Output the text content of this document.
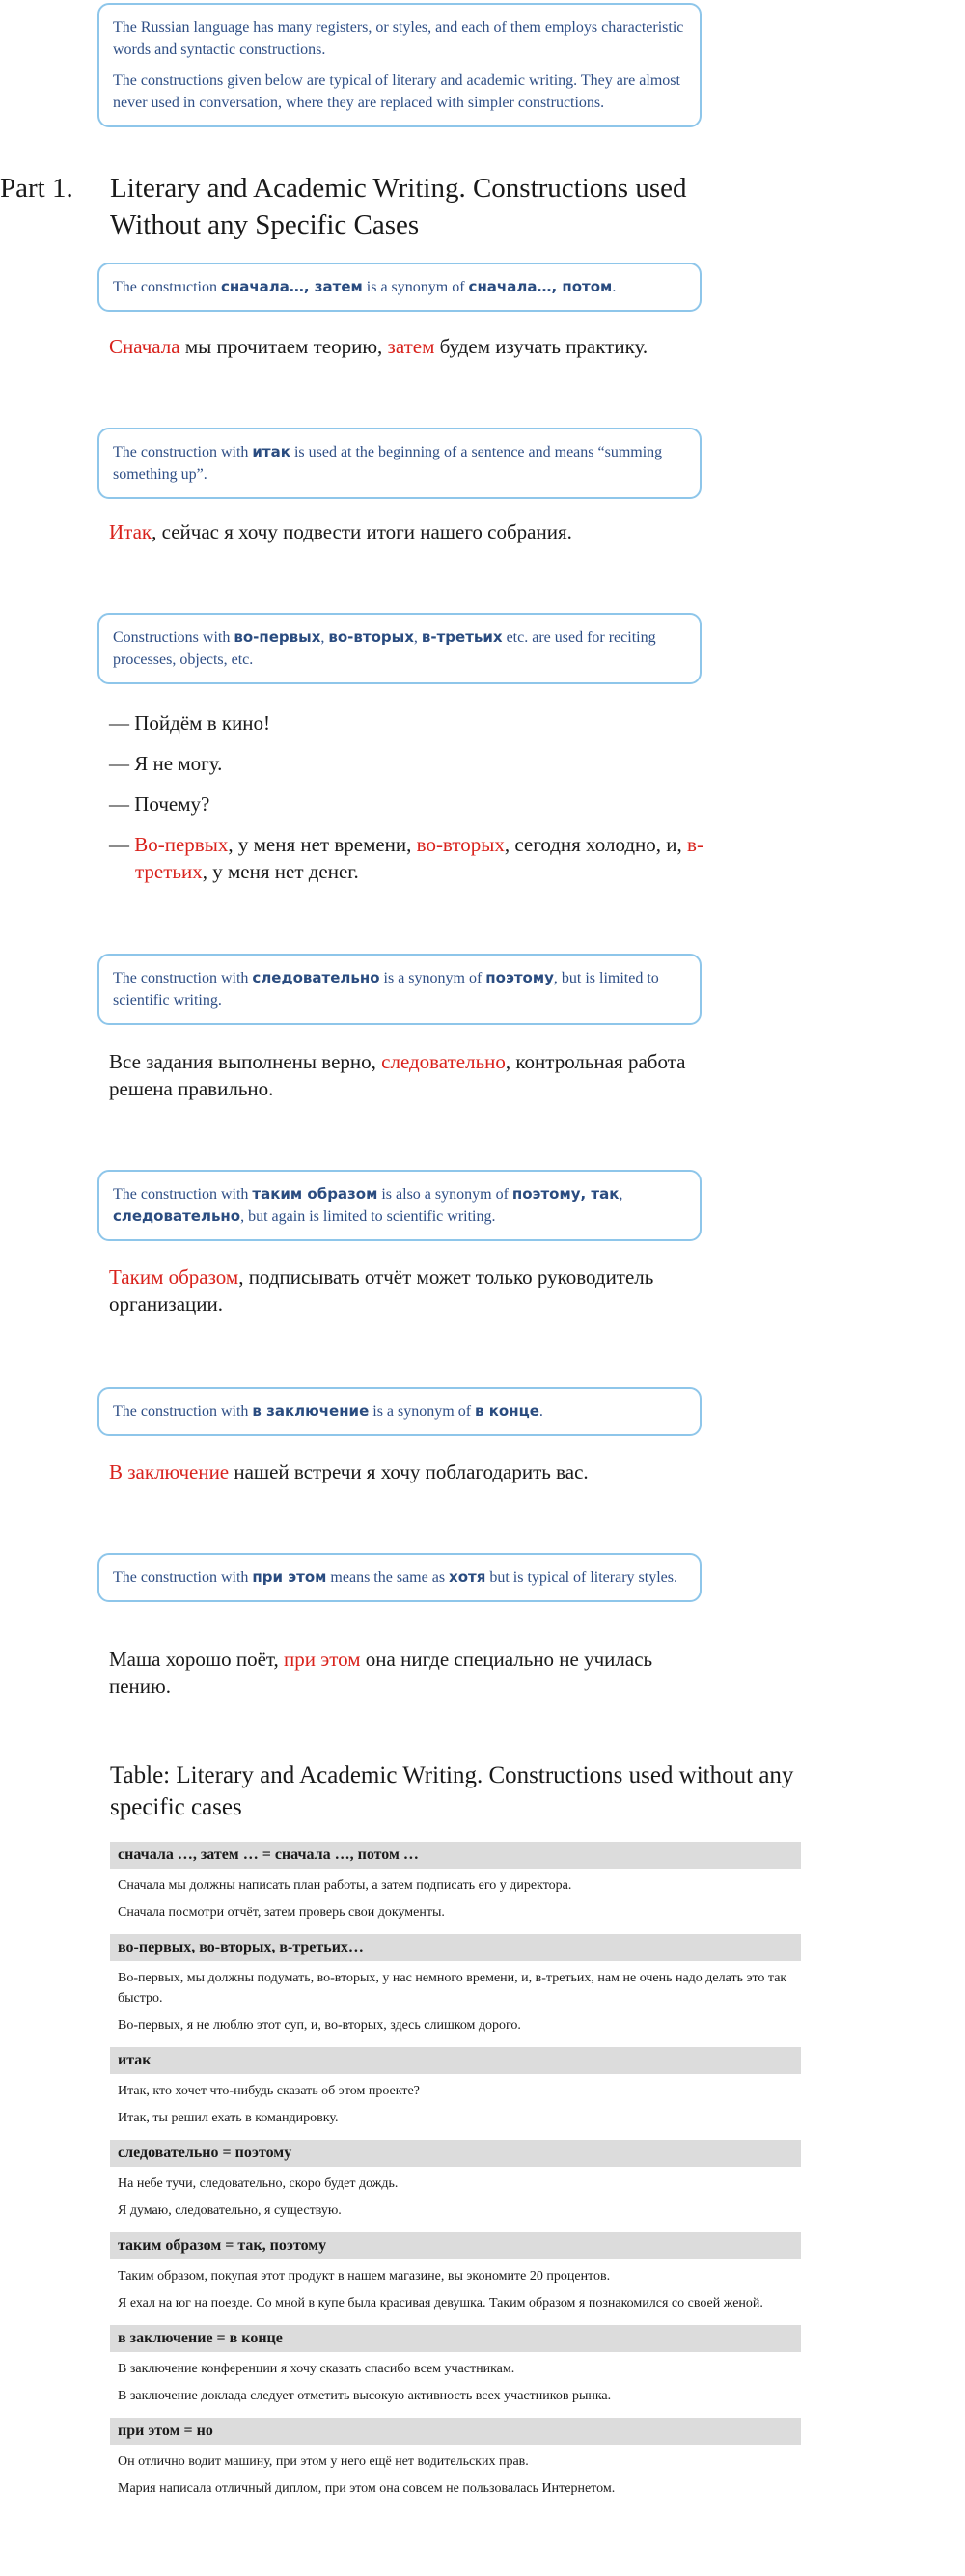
The Russian language has many registers, or styles, and each of them employs characteristic words and syntactic constructions.

The constructions given below are typical of literary and academic writing. They are almost never used in conversation, where they are replaced with simpler constructions.

Part 1. Literary and Academic Writing. Constructions used Without any Specific Cases

The construction сначала…, затем is a synonym of сначала…, потом.

Сначала мы прочитаем теорию, затем будем изучать практику.

The construction with итак is used at the beginning of a sentence and means “summing something up”.

Итак, сейчас я хочу подвести итоги нашего собрания.

Constructions with во-первых, во-вторых, в-третьих etc. are used for reciting processes, objects, etc.

— Пойдём в кино!

— Я не могу.

— Почему?

— Во-первых, у меня нет времени, во-вторых, сегодня холодно, и, в-третьих, у меня нет денег.

The construction with следовательно is a synonym of поэтому, but is limited to scientific writing.

Все задания выполнены верно, следовательно, контрольная работа решена правильно.

The construction with таким образом is also a synonym of поэтому, так, следовательно, but again is limited to scientific writing.

Таким образом, подписывать отчёт может только руководитель организации.

The construction with в заключение is a synonym of в конце.

В заключение нашей встречи я хочу поблагодарить вас.

The construction with при этом means the same as хотя but is typical of literary styles.

Маша хорошо поёт, при этом она нигде специально не училась пению.

Table: Literary and Academic Writing. Constructions used without any specific cases
сначала …, затем … = сначала …, потом …
Сначала мы должны написать план работы, а затем подписать его у директора.
Сначала посмотри отчёт, затем проверь свои документы.
во-первых, во-вторых, в-третьих…
Во-первых, мы должны подумать, во-вторых, у нас немного времени, и, в-третьих, нам не очень надо делать это так быстро.
Во-первых, я не люблю этот суп, и, во-вторых, здесь слишком дорого.
итак
Итак, кто хочет что-нибудь сказать об этом проекте?
Итак, ты решил ехать в командировку.
следовательно = поэтому
На небе тучи, следовательно, скоро будет дождь.
Я думаю, следовательно, я существую.
таким образом = так, поэтому
Таким образом, покупая этот продукт в нашем магазине, вы экономите 20 процентов.
Я ехал на юг на поезде. Со мной в купе была красивая девушка. Таким образом я познакомился со своей женой.
в заключение = в конце
В заключение конференции я хочу сказать спасибо всем участникам.
В заключение доклада следует отметить высокую активность всех участников рынка.
при этом = но
Он отлично водит машину, при этом у него ещё нет водительских прав.
Мария написала отличный диплом, при этом она совсем не пользовалась Интернетом.
